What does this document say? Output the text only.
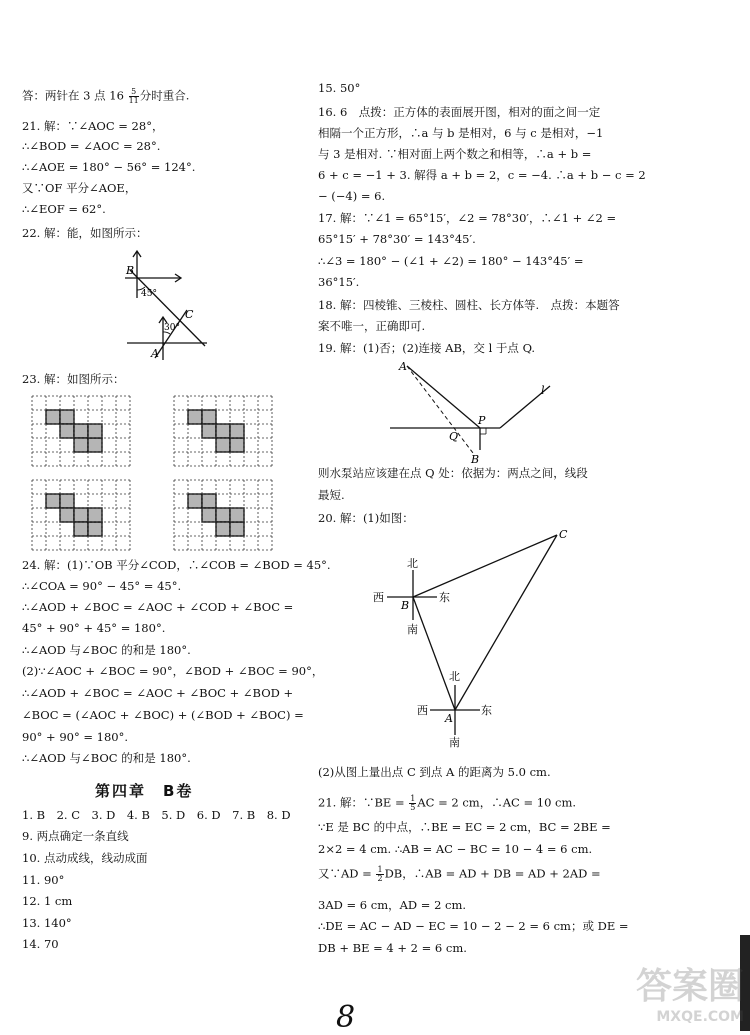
答：两针在 3 点 $16 \frac{5}{11}$ 分时重合.
21. 解：∵∠AOC = 28°，
∴∠BOD = ∠AOC = 28°.
∴∠AOE = 180° − 56° = 124°.
又∵OF 平分∠AOE，
∴∠EOF = 62°.
22. 解：能，如图所示：
B
45°
C
30°
A
23. 解：如图所示：
24. 解：(1)∵OB 平分∠COD，∴∠COB = ∠BOD = 45°.
∴∠COA = 90° − 45° = 45°.
∴∠AOD + ∠BOC = ∠AOC + ∠COD + ∠BOC =
45° + 90° + 45° = 180°.
∴∠AOD 与∠BOC 的和是 180°.
(2)∵∠AOC + ∠BOC = 90°，∠BOD + ∠BOC = 90°，
∴∠AOD + ∠BOC = ∠AOC + ∠BOC + ∠BOD +
∠BOC = (∠AOC + ∠BOC) + (∠BOD + ∠BOC) =
90° + 90° = 180°.
∴∠AOD 与∠BOC 的和是 180°.
第四章　B卷
1. B　2. C　3. D　4. B　5. D　6. D　7. B　8. D
9. 两点确定一条直线
10. 点动成线，线动成面
11. 90°
12. 1 cm
13. 140°
14. 70
15. 50°
16. 6　点拨：正方体的表面展开图，相对的面之间一定
相隔一个正方形，∴a 与 b 是相对，6 与 c 是相对，−1
与 3 是相对. ∵相对面上两个数之和相等，∴a + b =
6 + c = −1 + 3. 解得 a + b = 2，c = −4. ∴a + b − c = 2
− (−4) = 6.
17. 解：∵∠1 = 65°15′，∠2 = 78°30′，∴∠1 + ∠2 =
65°15′ + 78°30′ = 143°45′.
∴∠3 = 180° − (∠1 + ∠2) = 180° − 143°45′ =
36°15′.
18. 解：四棱锥、三棱柱、圆柱、长方体等.　点拨：本题答
案不唯一，正确即可.
19. 解：(1)否；(2)连接 AB，交 l 于点 Q.
A
P
Q
B
l
则水泵站应该建在点 Q 处：依据为：两点之间，线段
最短.
20. 解：(1)如图：
北
西	东
南
B
北
西	东
南
A
C
(2)从图上量出点 C 到点 A 的距离为 5.0 cm.
21. 解：∵BE = $\frac{1}{5}$ AC = 2 cm，∴AC = 10 cm.
∵E 是 BC 的中点，∴BE = EC = 2 cm，BC = 2BE =
2×2 = 4 cm. ∴AB = AC − BC = 10 − 4 = 6 cm.
又∵AD = $\frac{1}{2}$ DB，∴AB = AD + DB = AD + 2AD =
3AD = 6 cm，AD = 2 cm.
∴DE = AC − AD − EC = 10 − 2 − 2 = 6 cm；或 DE =
DB + BE = 4 + 2 = 6 cm.
8
答案圈
MXQE.COM
